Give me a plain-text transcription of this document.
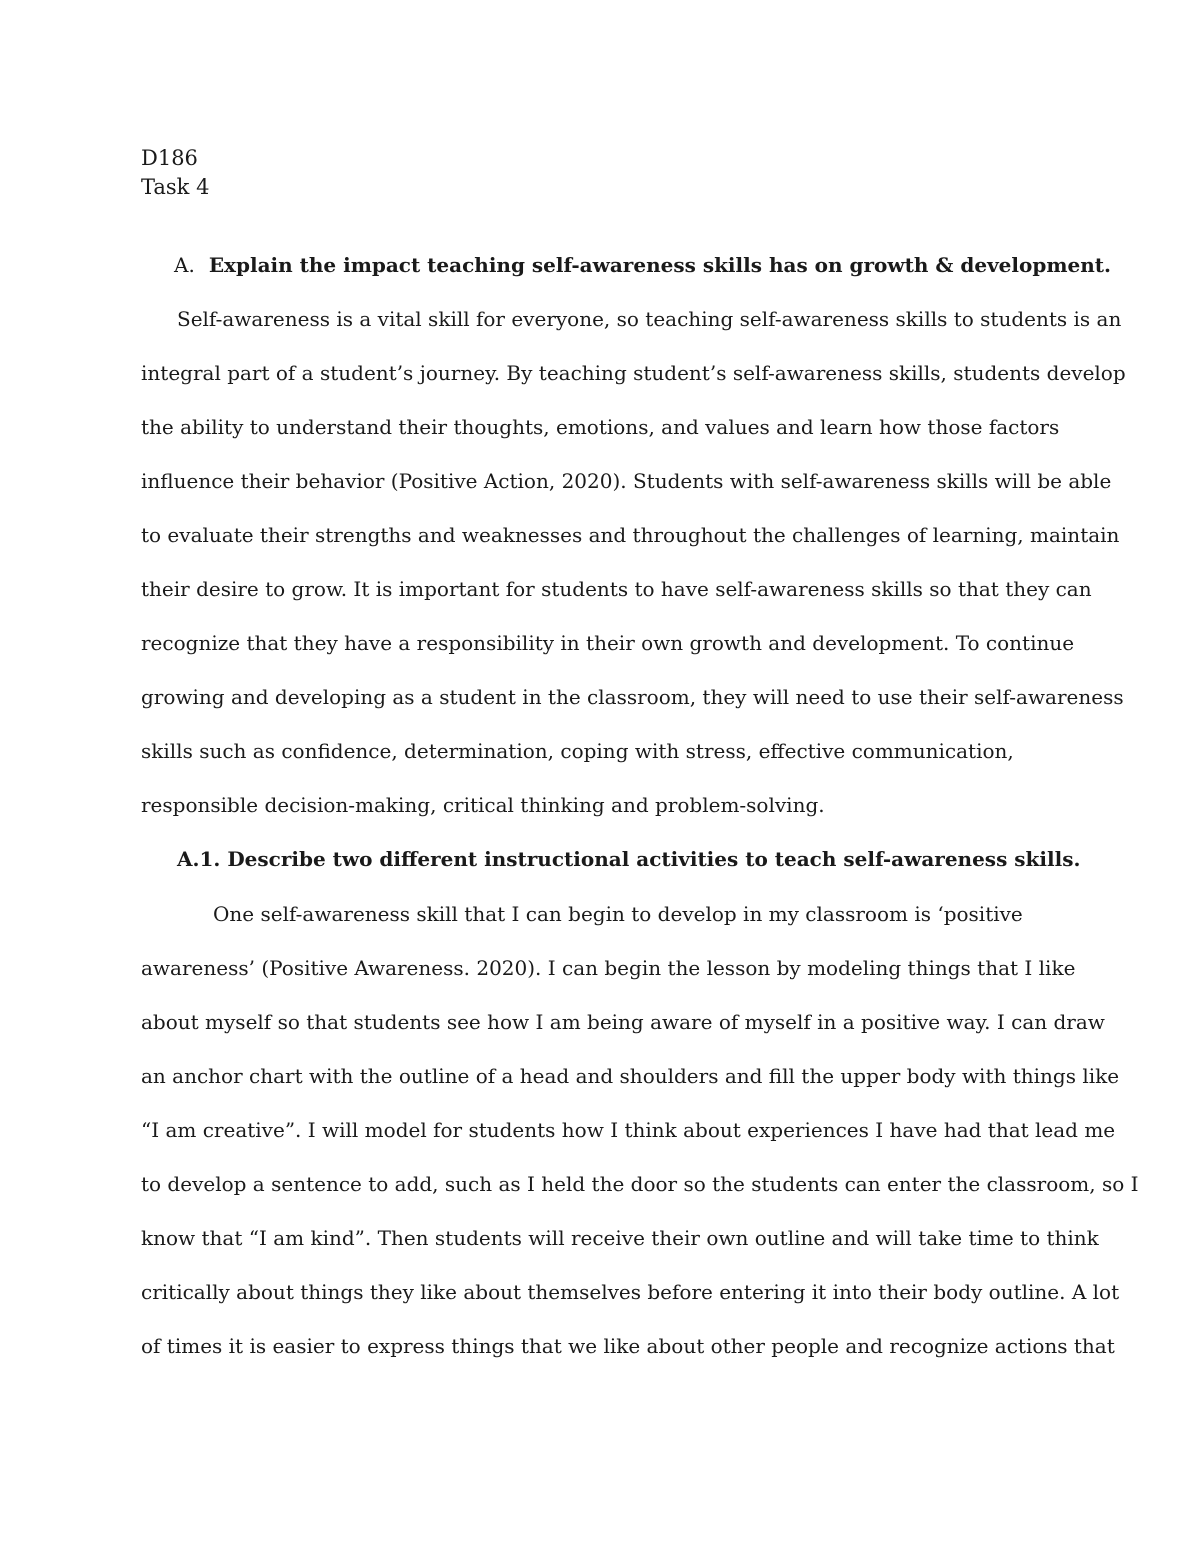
D186
Task 4
A. Explain the impact teaching self-awareness skills has on growth & development.
Self-awareness is a vital skill for everyone, so teaching self-awareness skills to students is an
integral part of a student’s journey. By teaching student’s self-awareness skills, students develop
the ability to understand their thoughts, emotions, and values and learn how those factors
influence their behavior (Positive Action, 2020). Students with self-awareness skills will be able
to evaluate their strengths and weaknesses and throughout the challenges of learning, maintain
their desire to grow. It is important for students to have self-awareness skills so that they can
recognize that they have a responsibility in their own growth and development. To continue
growing and developing as a student in the classroom, they will need to use their self-awareness
skills such as confidence, determination, coping with stress, effective communication,
responsible decision-making, critical thinking and problem-solving.
A.1. Describe two different instructional activities to teach self-awareness skills.
One self-awareness skill that I can begin to develop in my classroom is ‘positive
awareness’ (Positive Awareness. 2020). I can begin the lesson by modeling things that I like
about myself so that students see how I am being aware of myself in a positive way. I can draw
an anchor chart with the outline of a head and shoulders and fill the upper body with things like
“I am creative”. I will model for students how I think about experiences I have had that lead me
to develop a sentence to add, such as I held the door so the students can enter the classroom, so I
know that “I am kind”. Then students will receive their own outline and will take time to think
critically about things they like about themselves before entering it into their body outline. A lot
of times it is easier to express things that we like about other people and recognize actions that
